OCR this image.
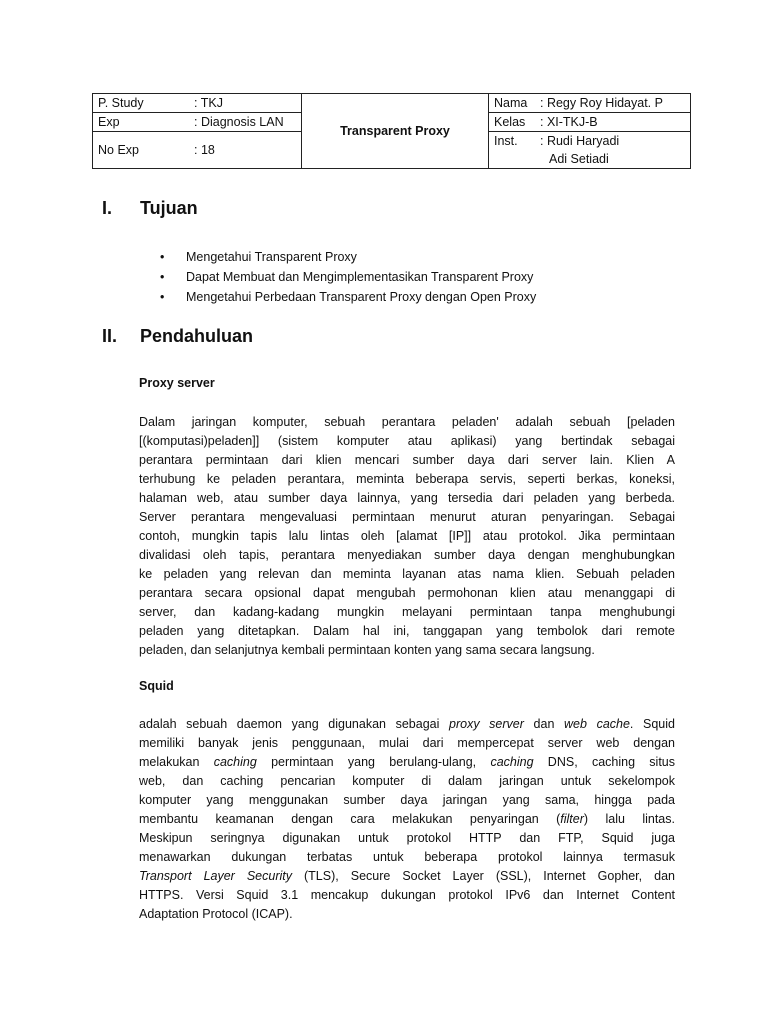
P. Study : TKJ	Transparent Proxy	Nama : Regy Roy Hidayat. P
Exp : Diagnosis LAN		Kelas : XI-TKJ-B
No Exp : 18		Inst. : Rudi Haryadi
Adi Setiadi

I. Tujuan
• Mengetahui Transparent Proxy
• Dapat Membuat dan Mengimplementasikan Transparent Proxy
• Mengetahui Perbedaan Transparent Proxy dengan Open Proxy
II. Pendahuluan
Proxy server
Dalam jaringan komputer, sebuah perantara peladen' adalah sebuah [peladen
[(komputasi)peladen]] (sistem komputer atau aplikasi) yang bertindak sebagai
perantara permintaan dari klien mencari sumber daya dari server lain. Klien A
terhubung ke peladen perantara, meminta beberapa servis, seperti berkas, koneksi,
halaman web, atau sumber daya lainnya, yang tersedia dari peladen yang berbeda.
Server perantara mengevaluasi permintaan menurut aturan penyaringan. Sebagai
contoh, mungkin tapis lalu lintas oleh [alamat [IP]] atau protokol. Jika permintaan
divalidasi oleh tapis, perantara menyediakan sumber daya dengan menghubungkan
ke peladen yang relevan dan meminta layanan atas nama klien. Sebuah peladen
perantara secara opsional dapat mengubah permohonan klien atau menanggapi di
server, dan kadang-kadang mungkin melayani permintaan tanpa menghubungi
peladen yang ditetapkan. Dalam hal ini, tanggapan yang tembolok dari remote
peladen, dan selanjutnya kembali permintaan konten yang sama secara langsung.
Squid
adalah sebuah daemon yang digunakan sebagai proxy server dan web cache. Squid
memiliki banyak jenis penggunaan, mulai dari mempercepat server web dengan
melakukan caching permintaan yang berulang-ulang, caching DNS, caching situs
web, dan caching pencarian komputer di dalam jaringan untuk sekelompok
komputer yang menggunakan sumber daya jaringan yang sama, hingga pada
membantu keamanan dengan cara melakukan penyaringan (filter) lalu lintas.
Meskipun seringnya digunakan untuk protokol HTTP dan FTP, Squid juga
menawarkan dukungan terbatas untuk beberapa protokol lainnya termasuk
Transport Layer Security (TLS), Secure Socket Layer (SSL), Internet Gopher, dan
HTTPS. Versi Squid 3.1 mencakup dukungan protokol IPv6 dan Internet Content
Adaptation Protocol (ICAP).
